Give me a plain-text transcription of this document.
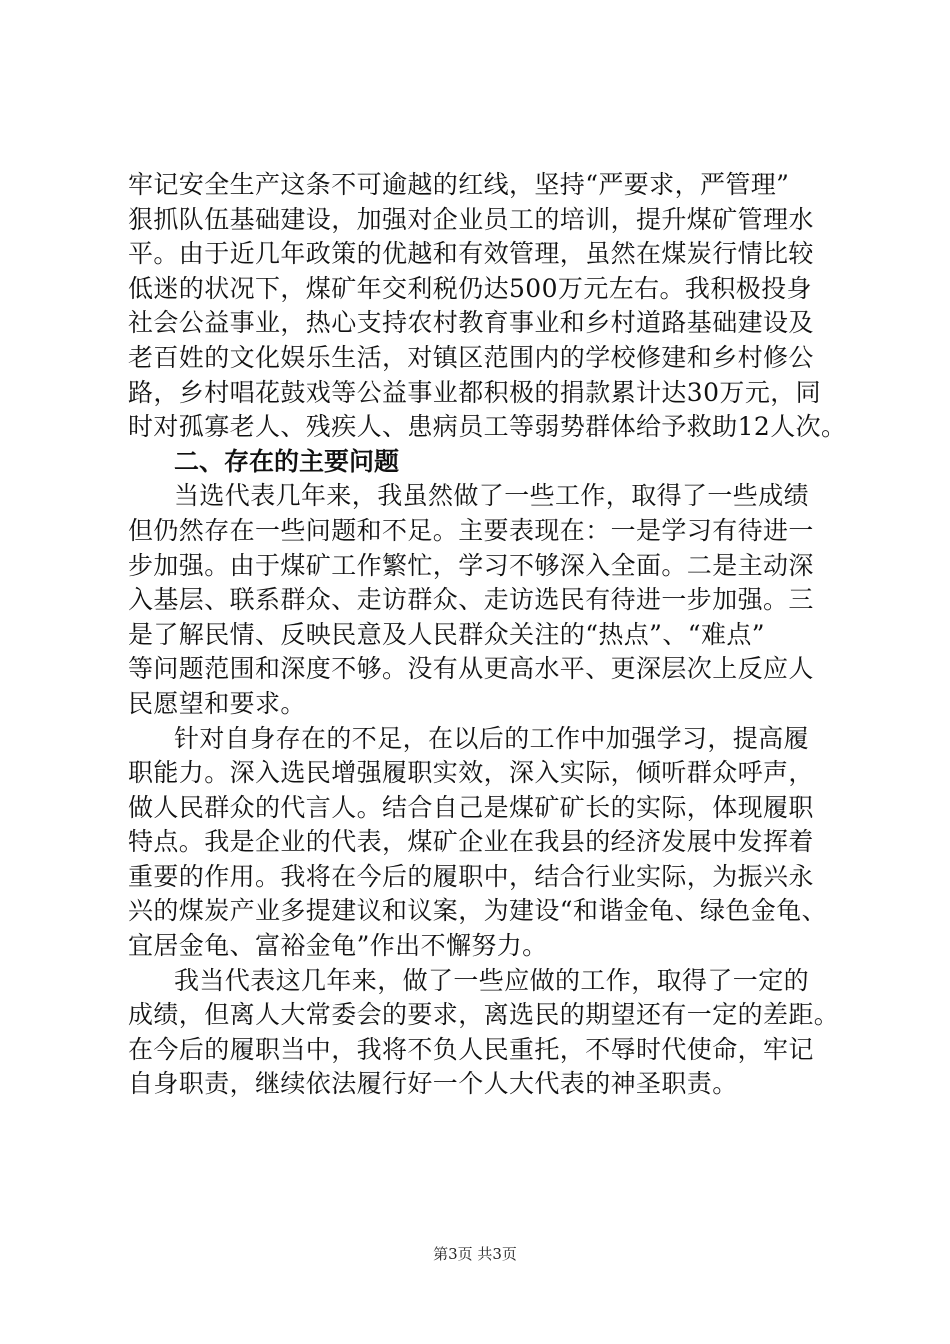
牢记安全生产这条不可逾越的红线，坚持“严要求，严管理”
狠抓队伍基础建设，加强对企业员工的培训，提升煤矿管理水
平。由于近几年政策的优越和有效管理，虽然在煤炭行情比较
低迷的状况下，煤矿年交利税仍达500万元左右。我积极投身
社会公益事业，热心支持农村教育事业和乡村道路基础建设及
老百姓的文化娱乐生活，对镇区范围内的学校修建和乡村修公
路，乡村唱花鼓戏等公益事业都积极的捐款累计达30万元，同
时对孤寡老人、残疾人、患病员工等弱势群体给予救助12人次。
二、存在的主要问题
当选代表几年来，我虽然做了一些工作，取得了一些成绩
但仍然存在一些问题和不足。主要表现在：一是学习有待进一
步加强。由于煤矿工作繁忙，学习不够深入全面。二是主动深
入基层、联系群众、走访群众、走访选民有待进一步加强。三
是了解民情、反映民意及人民群众关注的“热点”、“难点”
等问题范围和深度不够。没有从更高水平、更深层次上反应人
民愿望和要求。
针对自身存在的不足，在以后的工作中加强学习，提高履
职能力。深入选民增强履职实效，深入实际，倾听群众呼声，
做人民群众的代言人。结合自己是煤矿矿长的实际，体现履职
特点。我是企业的代表，煤矿企业在我县的经济发展中发挥着
重要的作用。我将在今后的履职中，结合行业实际，为振兴永
兴的煤炭产业多提建议和议案，为建设“和谐金龟、绿色金龟、
宜居金龟、富裕金龟”作出不懈努力。
我当代表这几年来，做了一些应做的工作，取得了一定的
成绩，但离人大常委会的要求，离选民的期望还有一定的差距。
在今后的履职当中，我将不负人民重托，不辱时代使命，牢记
自身职责，继续依法履行好一个人大代表的神圣职责。
第3页 共3页
